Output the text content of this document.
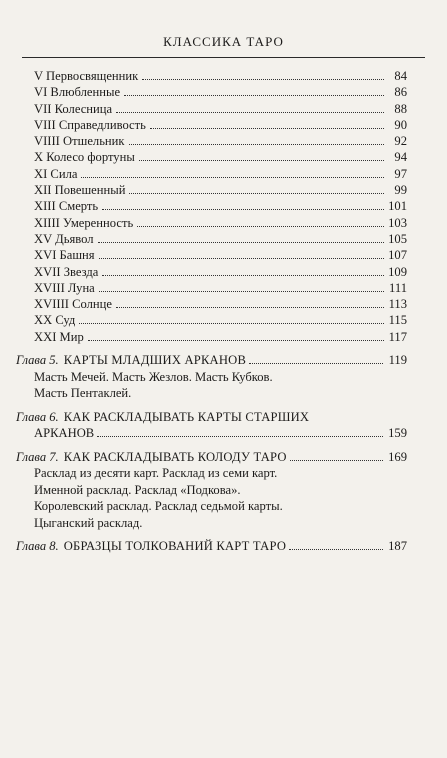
КЛАССИКА ТАРО
V Первосвященник	84
VI Влюбленные	86
VII Колесница	88
VIII Справедливость	90
VIIII Отшельник	92
X Колесо фортуны	94
XI Сила	97
XII Повешенный	99
XIII Смерть	101
XIIII Умеренность	103
XV Дьявол	105
XVI Башня	107
XVII Звезда	109
XVIII Луна	111
XVIIII Солнце	113
XX Суд	115
XXI Мир	117
Глава 5. КАРТЫ МЛАДШИХ АРКАНОВ	119
Масть Мечей. Масть Жезлов. Масть Кубков.
Масть Пентаклей.
Глава 6. КАК РАСКЛАДЫВАТЬ КАРТЫ СТАРШИХ
АРКАНОВ	159
Глава 7. КАК РАСКЛАДЫВАТЬ КОЛОДУ ТАРО	169
Расклад из десяти карт. Расклад из семи карт.
Именной расклад. Расклад «Подкова».
Королевский расклад. Расклад седьмой карты.
Цыганский расклад.
Глава 8. ОБРАЗЦЫ ТОЛКОВАНИЙ КАРТ ТАРО	187
